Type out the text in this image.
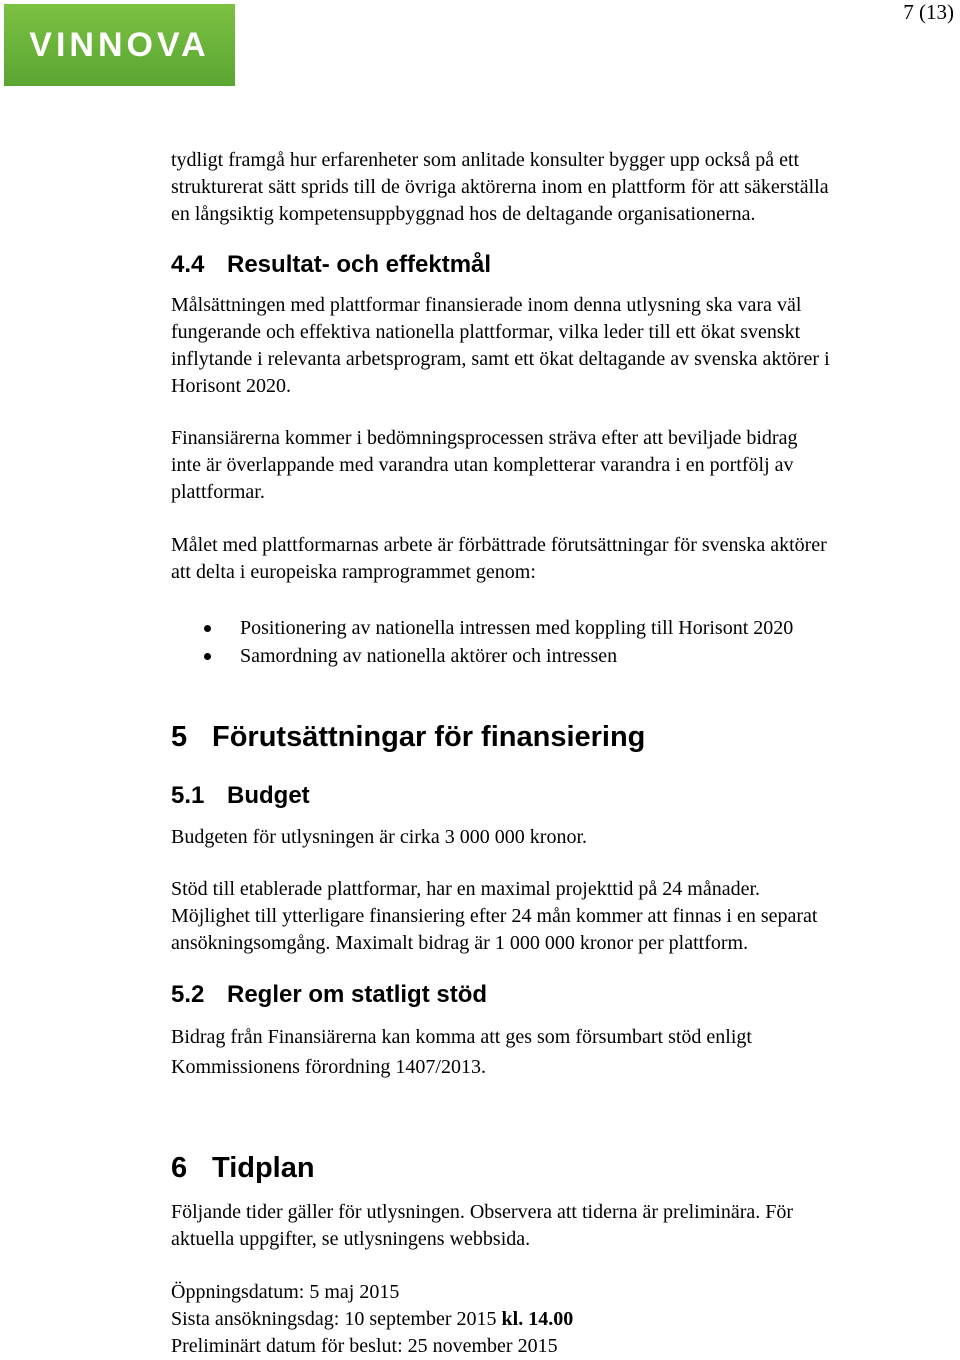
VINNOVA
7 (13)

tydligt framgå hur erfarenheter som anlitade konsulter bygger upp också på ett
strukturerat sätt sprids till de övriga aktörerna inom en plattform för att säkerställa
en långsiktig kompetensuppbyggnad hos de deltagande organisationerna.

4.4 Resultat- och effektmål

Målsättningen med plattformar finansierade inom denna utlysning ska vara väl
fungerande och effektiva nationella plattformar, vilka leder till ett ökat svenskt
inflytande i relevanta arbetsprogram, samt ett ökat deltagande av svenska aktörer i
Horisont 2020.

Finansiärerna kommer i bedömningsprocessen sträva efter att beviljade bidrag
inte är överlappande med varandra utan kompletterar varandra i en portfölj av
plattformar.

Målet med plattformarnas arbete är förbättrade förutsättningar för svenska aktörer
att delta i europeiska ramprogrammet genom:

Positionering av nationella intressen med koppling till Horisont 2020
Samordning av nationella aktörer och intressen
5 Förutsättningar för finansiering
5.1 Budget

Budgeten för utlysningen är cirka 3 000 000 kronor.

Stöd till etablerade plattformar, har en maximal projekttid på 24 månader.
Möjlighet till ytterligare finansiering efter 24 mån kommer att finnas i en separat
ansökningsomgång. Maximalt bidrag är 1 000 000 kronor per plattform.

5.2 Regler om statligt stöd

Bidrag från Finansiärerna kan komma att ges som försumbart stöd enligt
Kommissionens förordning 1407/2013.

6 Tidplan

Följande tider gäller för utlysningen. Observera att tiderna är preliminära. För
aktuella uppgifter, se utlysningens webbsida.

Öppningsdatum: 5 maj 2015
Sista ansökningsdag: 10 september 2015 kl. 14.00
Preliminärt datum för beslut: 25 november 2015
